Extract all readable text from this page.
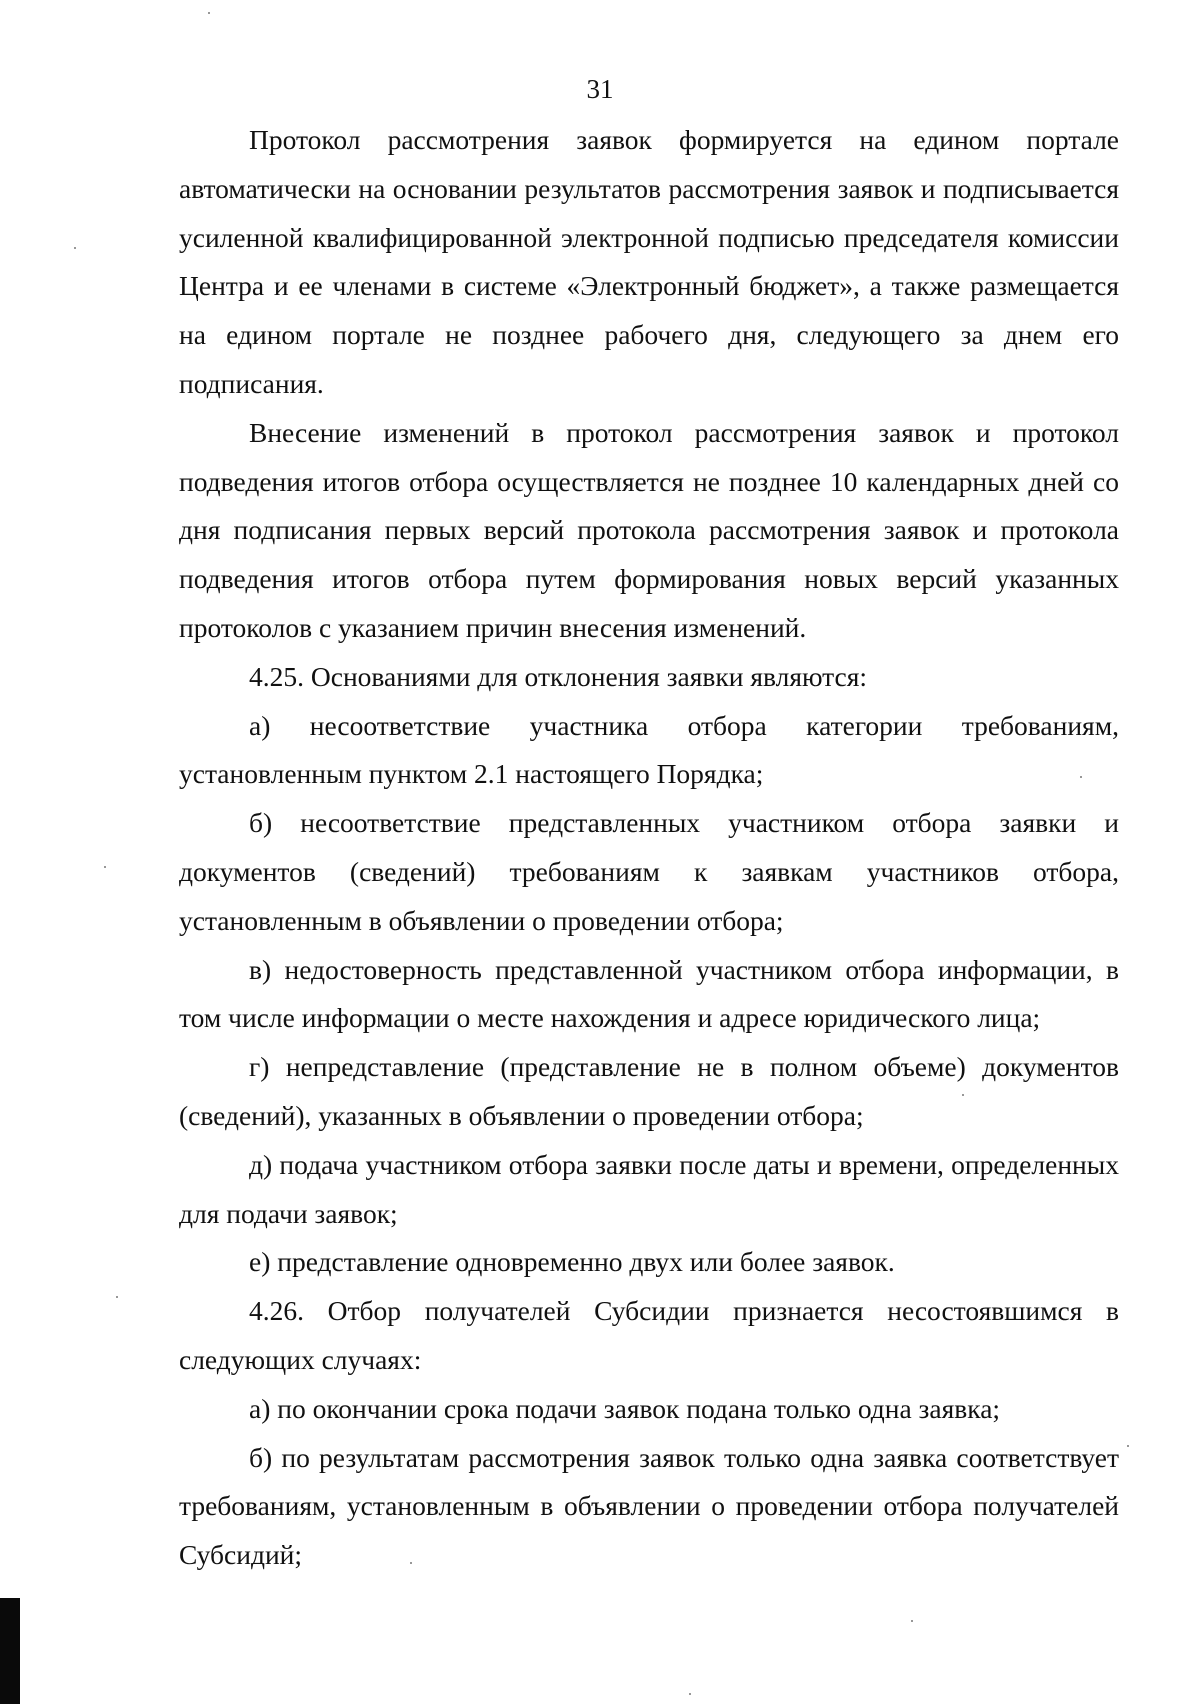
31

Протокол рассмотрения заявок формируется на едином портале автоматически на основании результатов рассмотрения заявок и подписывается усиленной квалифицированной электронной подписью председателя комиссии Центра и ее членами в системе «Электронный бюджет», а также размещается на едином портале не позднее рабочего дня, следующего за днем его подписания.

Внесение изменений в протокол рассмотрения заявок и протокол подведения итогов отбора осуществляется не позднее 10 календарных дней со дня подписания первых версий протокола рассмотрения заявок и протокола подведения итогов отбора путем формирования новых версий указанных протоколов с указанием причин внесения изменений.

4.25. Основаниями для отклонения заявки являются:

а) несоответствие участника отбора категории требованиям, установленным пунктом 2.1 настоящего Порядка;

б) несоответствие представленных участником отбора заявки и документов (сведений) требованиям к заявкам участников отбора, установленным в объявлении о проведении отбора;

в) недостоверность представленной участником отбора информации, в том числе информации о месте нахождения и адресе юридического лица;

г) непредставление (представление не в полном объеме) документов (сведений), указанных в объявлении о проведении отбора;

д) подача участником отбора заявки после даты и времени, определенных для подачи заявок;

е) представление одновременно двух или более заявок.

4.26. Отбор получателей Субсидии признается несостоявшимся в следующих случаях:

а) по окончании срока подачи заявок подана только одна заявка;

б) по результатам рассмотрения заявок только одна заявка соответствует требованиям, установленным в объявлении о проведении отбора получателей Субсидий;
